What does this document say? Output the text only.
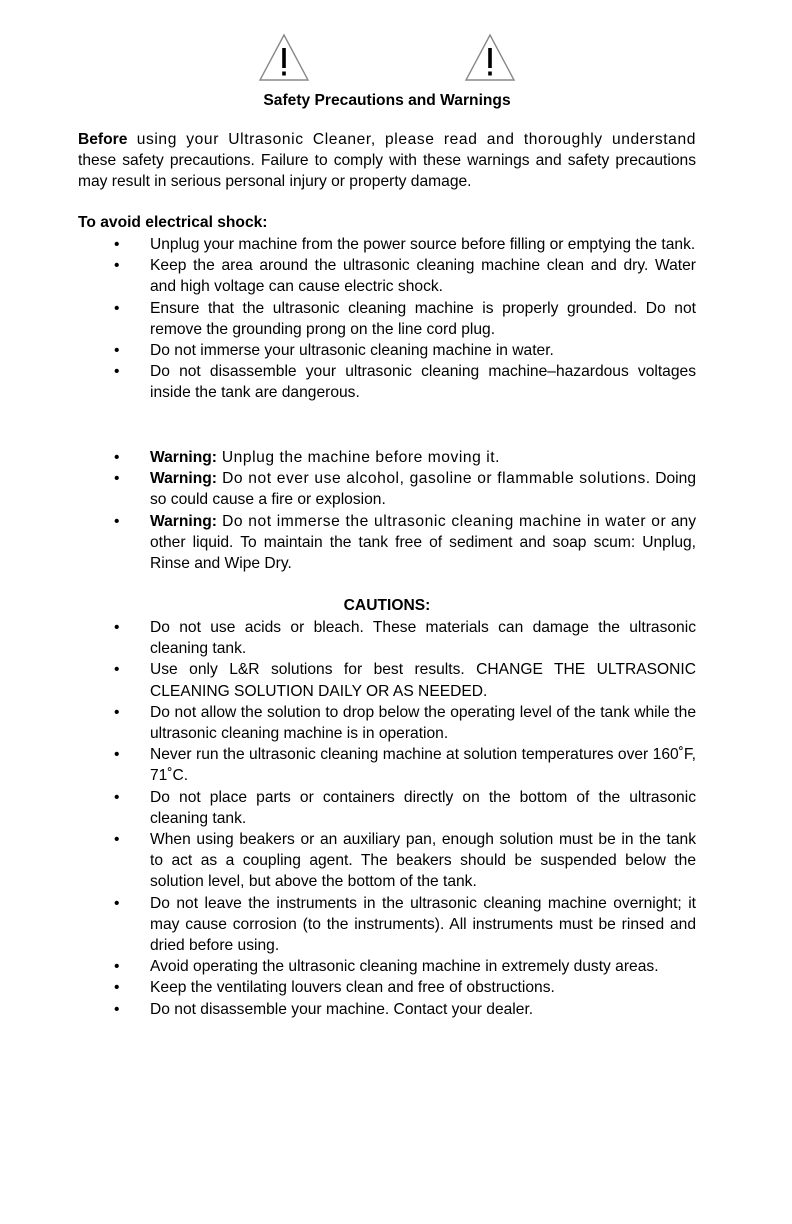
Safety Precautions and Warnings
Before using your Ultrasonic Cleaner, please read and thoroughly understand these safety precautions. Failure to comply with these warnings and safety precautions may result in serious personal injury or property damage.
To avoid electrical shock:
• Unplug your machine from the power source before filling or emptying the tank.
• Keep the area around the ultrasonic cleaning machine clean and dry. Water and high voltage can cause electric shock.
• Ensure that the ultrasonic cleaning machine is properly grounded. Do not remove the grounding prong on the line cord plug.
• Do not immerse your ultrasonic cleaning machine in water.
• Do not disassemble your ultrasonic cleaning machine–hazardous voltages inside the tank are dangerous.
• Warning: Unplug the machine before moving it.
• Warning: Do not ever use alcohol, gasoline or flammable solutions. Doing so could cause a fire or explosion.
• Warning: Do not immerse the ultrasonic cleaning machine in water or any other liquid. To maintain the tank free of sediment and soap scum: Unplug, Rinse and Wipe Dry.
CAUTIONS:
• Do not use acids or bleach. These materials can damage the ultrasonic cleaning tank.
• Use only L&R solutions for best results. CHANGE THE ULTRASONIC CLEANING SOLUTION DAILY OR AS NEEDED.
• Do not allow the solution to drop below the operating level of the tank while the ultrasonic cleaning machine is in operation.
• Never run the ultrasonic cleaning machine at solution temperatures over 160˚F, 71˚C.
• Do not place parts or containers directly on the bottom of the ultrasonic cleaning tank.
• When using beakers or an auxiliary pan, enough solution must be in the tank to act as a coupling agent. The beakers should be suspended below the solution level, but above the bottom of the tank.
• Do not leave the instruments in the ultrasonic cleaning machine overnight; it may cause corrosion (to the instruments). All instruments must be rinsed and dried before using.
• Avoid operating the ultrasonic cleaning machine in extremely dusty areas.
• Keep the ventilating louvers clean and free of obstructions.
• Do not disassemble your machine. Contact your dealer.
